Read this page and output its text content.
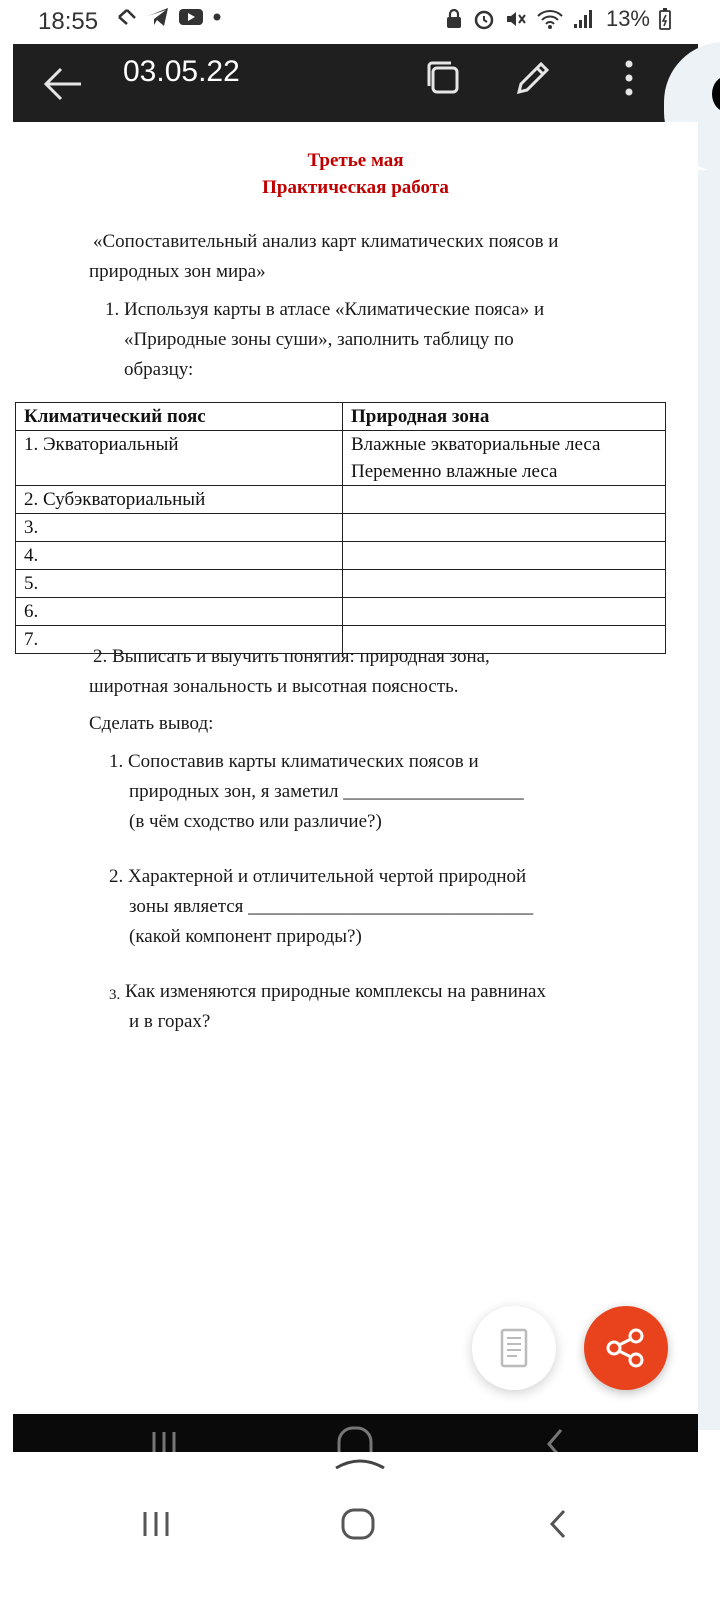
18:55	13%
03.05.22
Третье мая
Практическая работа
«Сопоставительный анализ карт климатических поясов и
природных зон мира»
1. Используя карты в атласе «Климатические пояса» и
«Природные зоны суши», заполнить таблицу по
образцу:
Климатический пояс	Природная зона

1. Экваториальный	Влажные экваториальные леса
Переменно влажные леса

2. Субэкваториальный	
3.	
4.	
5.	
6.	
7.	
2. Выписать и выучить понятия: природная зона,
широтная зональность и высотная поясность.
Сделать вывод:
1. Сопоставив карты климатических поясов и
природных зон, я заметил ___________________
(в чём сходство или различие?)
2. Характерной и отличительной чертой природной
зоны является ______________________________
(какой компонент природы?)
3. Как изменяются природные комплексы на равнинах
и в горах?
